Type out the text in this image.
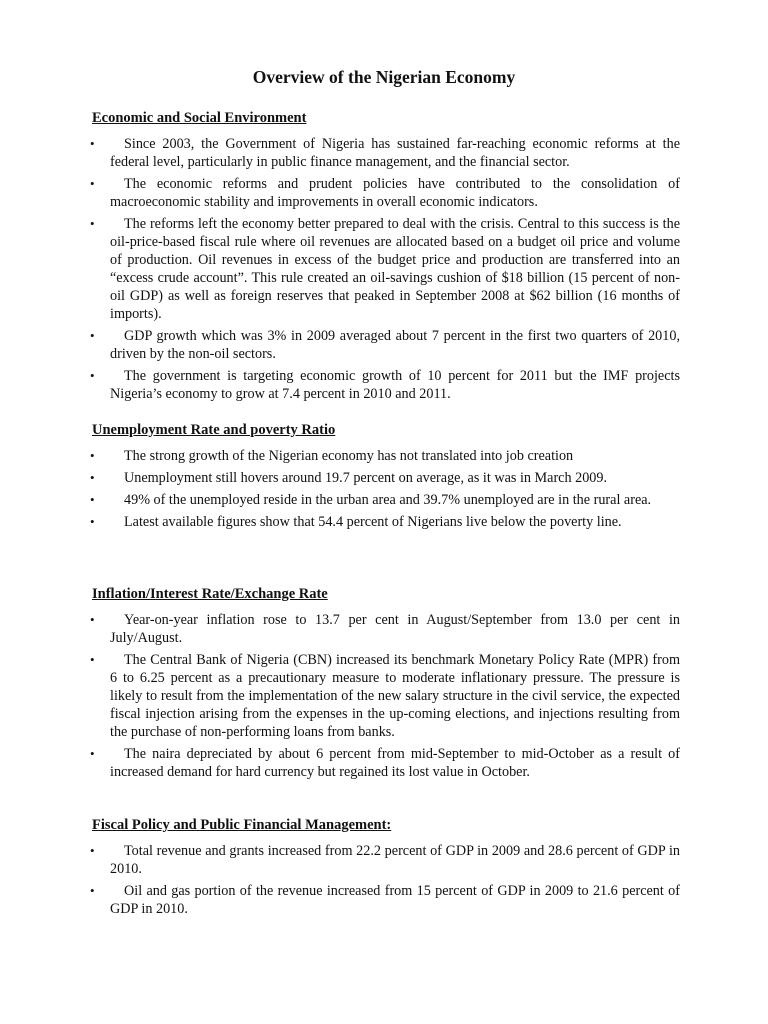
Overview of the Nigerian Economy
Economic and Social Environment
•	Since 2003, the Government of Nigeria has sustained far-reaching economic reforms at the federal level, particularly in public finance management, and the financial sector.
•	The economic reforms and prudent policies have contributed to the consolidation of macroeconomic stability and improvements in overall economic indicators.
•	The reforms left the economy better prepared to deal with the crisis. Central to this success is the oil-price-based fiscal rule where oil revenues are allocated based on a budget oil price and volume of production. Oil revenues in excess of the budget price and production are transferred into an “excess crude account”. This rule created an oil-savings cushion of $18 billion (15 percent of non-oil GDP) as well as foreign reserves that peaked in September 2008 at $62 billion (16 months of imports).
•	GDP growth which was 3% in 2009 averaged about 7 percent in the first two quarters of 2010, driven by the non-oil sectors.
•	The government is targeting economic growth of 10 percent for 2011 but the IMF projects Nigeria’s economy to grow at 7.4 percent in 2010 and 2011.
Unemployment Rate and poverty Ratio
•	The strong growth of the Nigerian economy has not translated into job creation
•	Unemployment still hovers around 19.7 percent on average, as it was in March 2009.
•	49% of the unemployed reside in the urban area and 39.7% unemployed are in the rural area.
•	Latest available figures show that 54.4 percent of Nigerians live below the poverty line.
Inflation/Interest Rate/Exchange Rate
•	Year-on-year inflation rose to 13.7 per cent in August/September from 13.0 per cent in July/August.
•	The Central Bank of Nigeria (CBN) increased its benchmark Monetary Policy Rate (MPR) from 6 to 6.25 percent as a precautionary measure to moderate inflationary pressure. The pressure is likely to result from the implementation of the new salary structure in the civil service, the expected fiscal injection arising from the expenses in the up-coming elections, and injections resulting from the purchase of non-performing loans from banks.
•	The naira depreciated by about 6 percent from mid-September to mid-October as a result of increased demand for hard currency but regained its lost value in October.
Fiscal Policy and Public Financial Management:
•	Total revenue and grants increased from 22.2 percent of GDP in 2009 and 28.6 percent of GDP in 2010.
•	Oil and gas portion of the revenue increased from 15 percent of GDP in 2009 to 21.6 percent of GDP in 2010.
